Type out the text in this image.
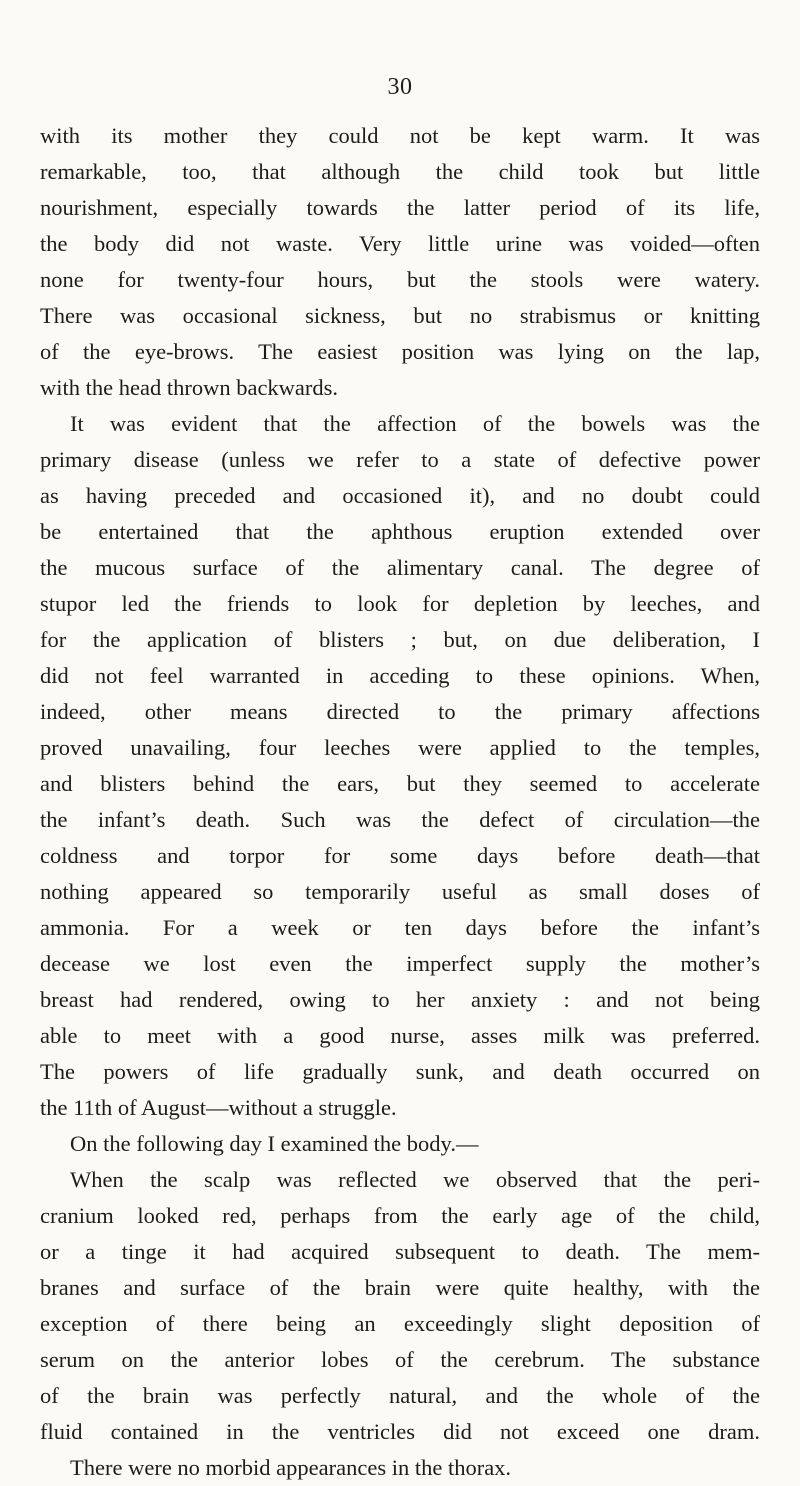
30
with its mother they could not be kept warm. It was
remarkable, too, that although the child took but little
nourishment, especially towards the latter period of its life,
the body did not waste. Very little urine was voided—often
none for twenty-four hours, but the stools were watery.
There was occasional sickness, but no strabismus or knitting
of the eye-brows. The easiest position was lying on the lap,
with the head thrown backwards.
It was evident that the affection of the bowels was the
primary disease (unless we refer to a state of defective power
as having preceded and occasioned it), and no doubt could
be entertained that the aphthous eruption extended over
the mucous surface of the alimentary canal. The degree of
stupor led the friends to look for depletion by leeches, and
for the application of blisters ; but, on due deliberation, I
did not feel warranted in acceding to these opinions. When,
indeed, other means directed to the primary affections
proved unavailing, four leeches were applied to the temples,
and blisters behind the ears, but they seemed to accelerate
the infant’s death. Such was the defect of circulation—the
coldness and torpor for some days before death—that
nothing appeared so temporarily useful as small doses of
ammonia. For a week or ten days before the infant’s
decease we lost even the imperfect supply the mother’s
breast had rendered, owing to her anxiety : and not being
able to meet with a good nurse, asses milk was preferred.
The powers of life gradually sunk, and death occurred on
the 11th of August—without a struggle.
On the following day I examined the body.—
When the scalp was reflected we observed that the peri-
cranium looked red, perhaps from the early age of the child,
or a tinge it had acquired subsequent to death. The mem-
branes and surface of the brain were quite healthy, with the
exception of there being an exceedingly slight deposition of
serum on the anterior lobes of the cerebrum. The substance
of the brain was perfectly natural, and the whole of the
fluid contained in the ventricles did not exceed one dram.
There were no morbid appearances in the thorax.
